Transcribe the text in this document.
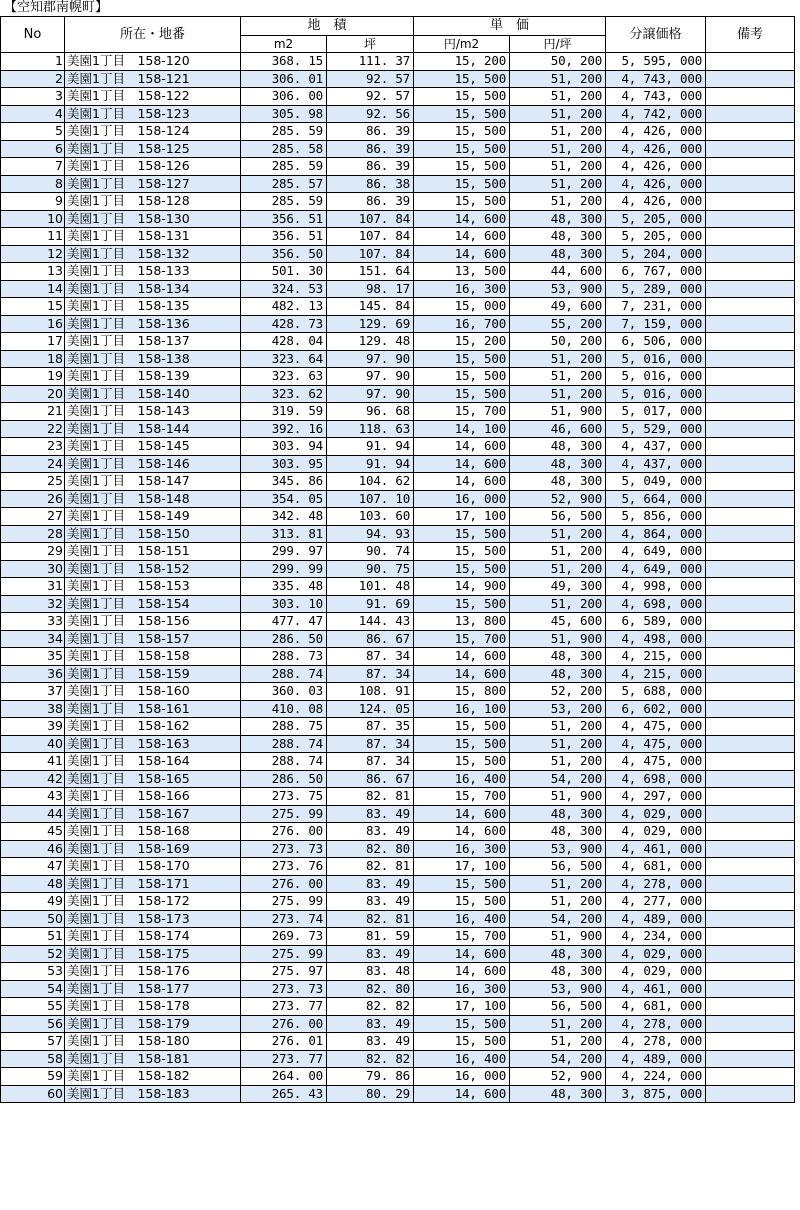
【空知郡南幌町】
No	所在・地番	地　積		単　価		分譲価格	備考
		m2	坪	円/m2	円/坪		
1	美園1丁目　158-120	368. 15	111. 37	15, 200	50, 200	5, 595, 000	
2	美園1丁目　158-121	306. 01	92. 57	15, 500	51, 200	4, 743, 000	
3	美園1丁目　158-122	306. 00	92. 57	15, 500	51, 200	4, 743, 000	
4	美園1丁目　158-123	305. 98	92. 56	15, 500	51, 200	4, 742, 000	
5	美園1丁目　158-124	285. 59	86. 39	15, 500	51, 200	4, 426, 000	
6	美園1丁目　158-125	285. 58	86. 39	15, 500	51, 200	4, 426, 000	
7	美園1丁目　158-126	285. 59	86. 39	15, 500	51, 200	4, 426, 000	
8	美園1丁目　158-127	285. 57	86. 38	15, 500	51, 200	4, 426, 000	
9	美園1丁目　158-128	285. 59	86. 39	15, 500	51, 200	4, 426, 000	
10	美園1丁目　158-130	356. 51	107. 84	14, 600	48, 300	5, 205, 000	
11	美園1丁目　158-131	356. 51	107. 84	14, 600	48, 300	5, 205, 000	
12	美園1丁目　158-132	356. 50	107. 84	14, 600	48, 300	5, 204, 000	
13	美園1丁目　158-133	501. 30	151. 64	13, 500	44, 600	6, 767, 000	
14	美園1丁目　158-134	324. 53	98. 17	16, 300	53, 900	5, 289, 000	
15	美園1丁目　158-135	482. 13	145. 84	15, 000	49, 600	7, 231, 000	
16	美園1丁目　158-136	428. 73	129. 69	16, 700	55, 200	7, 159, 000	
17	美園1丁目　158-137	428. 04	129. 48	15, 200	50, 200	6, 506, 000	
18	美園1丁目　158-138	323. 64	97. 90	15, 500	51, 200	5, 016, 000	
19	美園1丁目　158-139	323. 63	97. 90	15, 500	51, 200	5, 016, 000	
20	美園1丁目　158-140	323. 62	97. 90	15, 500	51, 200	5, 016, 000	
21	美園1丁目　158-143	319. 59	96. 68	15, 700	51, 900	5, 017, 000	
22	美園1丁目　158-144	392. 16	118. 63	14, 100	46, 600	5, 529, 000	
23	美園1丁目　158-145	303. 94	91. 94	14, 600	48, 300	4, 437, 000	
24	美園1丁目　158-146	303. 95	91. 94	14, 600	48, 300	4, 437, 000	
25	美園1丁目　158-147	345. 86	104. 62	14, 600	48, 300	5, 049, 000	
26	美園1丁目　158-148	354. 05	107. 10	16, 000	52, 900	5, 664, 000	
27	美園1丁目　158-149	342. 48	103. 60	17, 100	56, 500	5, 856, 000	
28	美園1丁目　158-150	313. 81	94. 93	15, 500	51, 200	4, 864, 000	
29	美園1丁目　158-151	299. 97	90. 74	15, 500	51, 200	4, 649, 000	
30	美園1丁目　158-152	299. 99	90. 75	15, 500	51, 200	4, 649, 000	
31	美園1丁目　158-153	335. 48	101. 48	14, 900	49, 300	4, 998, 000	
32	美園1丁目　158-154	303. 10	91. 69	15, 500	51, 200	4, 698, 000	
33	美園1丁目　158-156	477. 47	144. 43	13, 800	45, 600	6, 589, 000	
34	美園1丁目　158-157	286. 50	86. 67	15, 700	51, 900	4, 498, 000	
35	美園1丁目　158-158	288. 73	87. 34	14, 600	48, 300	4, 215, 000	
36	美園1丁目　158-159	288. 74	87. 34	14, 600	48, 300	4, 215, 000	
37	美園1丁目　158-160	360. 03	108. 91	15, 800	52, 200	5, 688, 000	
38	美園1丁目　158-161	410. 08	124. 05	16, 100	53, 200	6, 602, 000	
39	美園1丁目　158-162	288. 75	87. 35	15, 500	51, 200	4, 475, 000	
40	美園1丁目　158-163	288. 74	87. 34	15, 500	51, 200	4, 475, 000	
41	美園1丁目　158-164	288. 74	87. 34	15, 500	51, 200	4, 475, 000	
42	美園1丁目　158-165	286. 50	86. 67	16, 400	54, 200	4, 698, 000	
43	美園1丁目　158-166	273. 75	82. 81	15, 700	51, 900	4, 297, 000	
44	美園1丁目　158-167	275. 99	83. 49	14, 600	48, 300	4, 029, 000	
45	美園1丁目　158-168	276. 00	83. 49	14, 600	48, 300	4, 029, 000	
46	美園1丁目　158-169	273. 73	82. 80	16, 300	53, 900	4, 461, 000	
47	美園1丁目　158-170	273. 76	82. 81	17, 100	56, 500	4, 681, 000	
48	美園1丁目　158-171	276. 00	83. 49	15, 500	51, 200	4, 278, 000	
49	美園1丁目　158-172	275. 99	83. 49	15, 500	51, 200	4, 277, 000	
50	美園1丁目　158-173	273. 74	82. 81	16, 400	54, 200	4, 489, 000	
51	美園1丁目　158-174	269. 73	81. 59	15, 700	51, 900	4, 234, 000	
52	美園1丁目　158-175	275. 99	83. 49	14, 600	48, 300	4, 029, 000	
53	美園1丁目　158-176	275. 97	83. 48	14, 600	48, 300	4, 029, 000	
54	美園1丁目　158-177	273. 73	82. 80	16, 300	53, 900	4, 461, 000	
55	美園1丁目　158-178	273. 77	82. 82	17, 100	56, 500	4, 681, 000	
56	美園1丁目　158-179	276. 00	83. 49	15, 500	51, 200	4, 278, 000	
57	美園1丁目　158-180	276. 01	83. 49	15, 500	51, 200	4, 278, 000	
58	美園1丁目　158-181	273. 77	82. 82	16, 400	54, 200	4, 489, 000	
59	美園1丁目　158-182	264. 00	79. 86	16, 000	52, 900	4, 224, 000	
60	美園1丁目　158-183	265. 43	80. 29	14, 600	48, 300	3, 875, 000	
